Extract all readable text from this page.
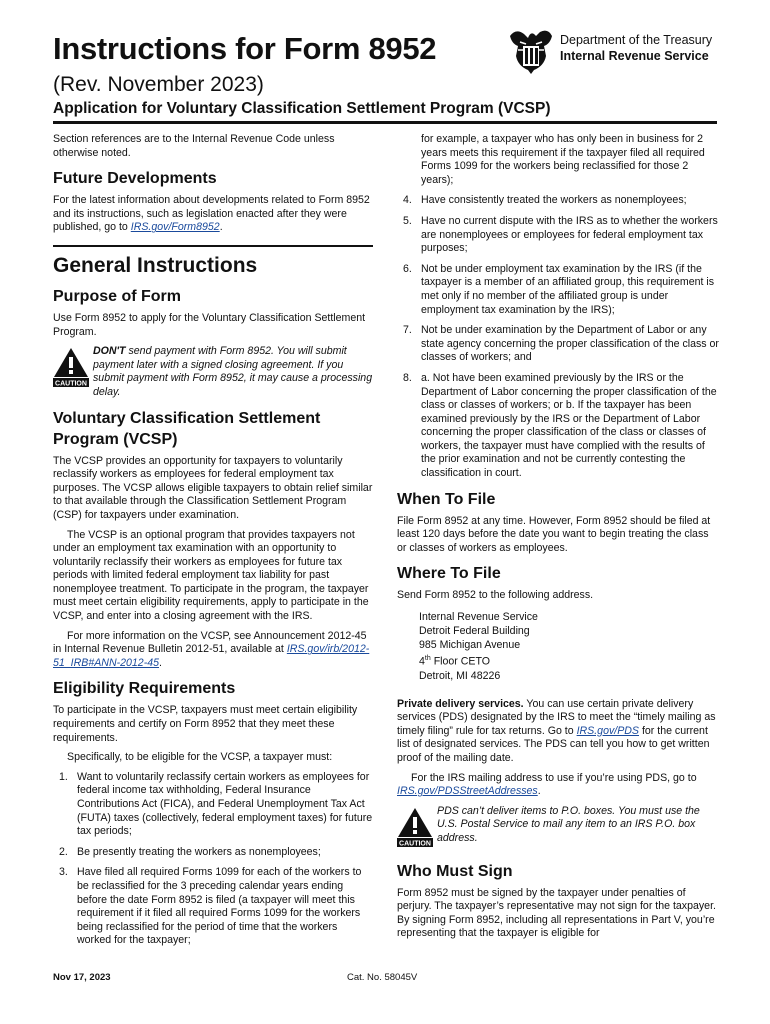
Instructions for Form 8952
(Rev. November 2023)
Application for Voluntary Classification Settlement Program (VCSP)
Department of the Treasury
Internal Revenue Service

Section references are to the Internal Revenue Code unless otherwise noted.

Future Developments

For the latest information about developments related to Form 8952 and its instructions, such as legislation enacted after they were published, go to IRS.gov/Form8952.

General Instructions
Purpose of Form

Use Form 8952 to apply for the Voluntary Classification Settlement Program.

CAUTION

DON'T send payment with Form 8952. You will submit payment later with a signed closing agreement. If you submit payment with Form 8952, it may cause a processing delay.

Voluntary Classification Settlement Program (VCSP)

The VCSP provides an opportunity for taxpayers to voluntarily reclassify workers as employees for federal employment tax purposes. The VCSP allows eligible taxpayers to obtain relief similar to that available through the Classification Settlement Program (CSP) for taxpayers under examination.

The VCSP is an optional program that provides taxpayers not under an employment tax examination with an opportunity to voluntarily reclassify their workers as employees for future tax periods with limited federal employment tax liability for past nonemployee treatment. To participate in the program, the taxpayer must meet certain eligibility requirements, apply to participate in the VCSP, and enter into a closing agreement with the IRS.

For more information on the VCSP, see Announcement 2012-45 in Internal Revenue Bulletin 2012-51, available at IRS.gov/irb/2012-51_IRB#ANN-2012-45.

Eligibility Requirements

To participate in the VCSP, taxpayers must meet certain eligibility requirements and certify on Form 8952 that they meet these requirements.

Specifically, to be eligible for the VCSP, a taxpayer must:

1. Want to voluntarily reclassify certain workers as employees for federal income tax withholding, Federal Insurance Contributions Act (FICA), and Federal Unemployment Tax Act (FUTA) taxes (collectively, federal employment taxes) for future tax periods;
2. Be presently treating the workers as nonemployees;
3. Have filed all required Forms 1099 for each of the workers to be reclassified for the 3 preceding calendar years ending before the date Form 8952 is filed (a taxpayer will meet this requirement if it filed all required Forms 1099 for the workers being reclassified for the period of time that the workers worked for the taxpayer;
for example, a taxpayer who has only been in business for 2 years meets this requirement if the taxpayer filed all required Forms 1099 for the workers being reclassified for those 2 years);
4. Have consistently treated the workers as nonemployees;
5. Have no current dispute with the IRS as to whether the workers are nonemployees or employees for federal employment tax purposes;
6. Not be under employment tax examination by the IRS (if the taxpayer is a member of an affiliated group, this requirement is met only if no member of the affiliated group is under employment tax examination by the IRS);
7. Not be under examination by the Department of Labor or any state agency concerning the proper classification of the class or classes of workers; and
8. a. Not have been examined previously by the IRS or the Department of Labor concerning the proper classification of the class or classes of workers; or b. If the taxpayer has been examined previously by the IRS or the Department of Labor concerning the proper classification of the class or classes of workers, the taxpayer must have complied with the results of the prior examination and not be currently contesting the classification in court.
When To File

File Form 8952 at any time. However, Form 8952 should be filed at least 120 days before the date you want to begin treating the class or classes of workers as employees.

Where To File

Send Form 8952 to the following address.

Internal Revenue Service
Detroit Federal Building
985 Michigan Avenue
4th Floor CETO
Detroit, MI 48226

Private delivery services. You can use certain private delivery services (PDS) designated by the IRS to meet the “timely mailing as timely filing” rule for tax returns. Go to IRS.gov/PDS for the current list of designated services. The PDS can tell you how to get written proof of the mailing date.

For the IRS mailing address to use if you’re using PDS, go to IRS.gov/PDSStreetAddresses.

CAUTION

PDS can’t deliver items to P.O. boxes. You must use the U.S. Postal Service to mail any item to an IRS P.O. box address.

Who Must Sign

Form 8952 must be signed by the taxpayer under penalties of perjury. The taxpayer’s representative may not sign for the taxpayer. By signing Form 8952, including all representations in Part V, you’re representing that the taxpayer is eligible for

Nov 17, 2023	Cat. No. 58045V
